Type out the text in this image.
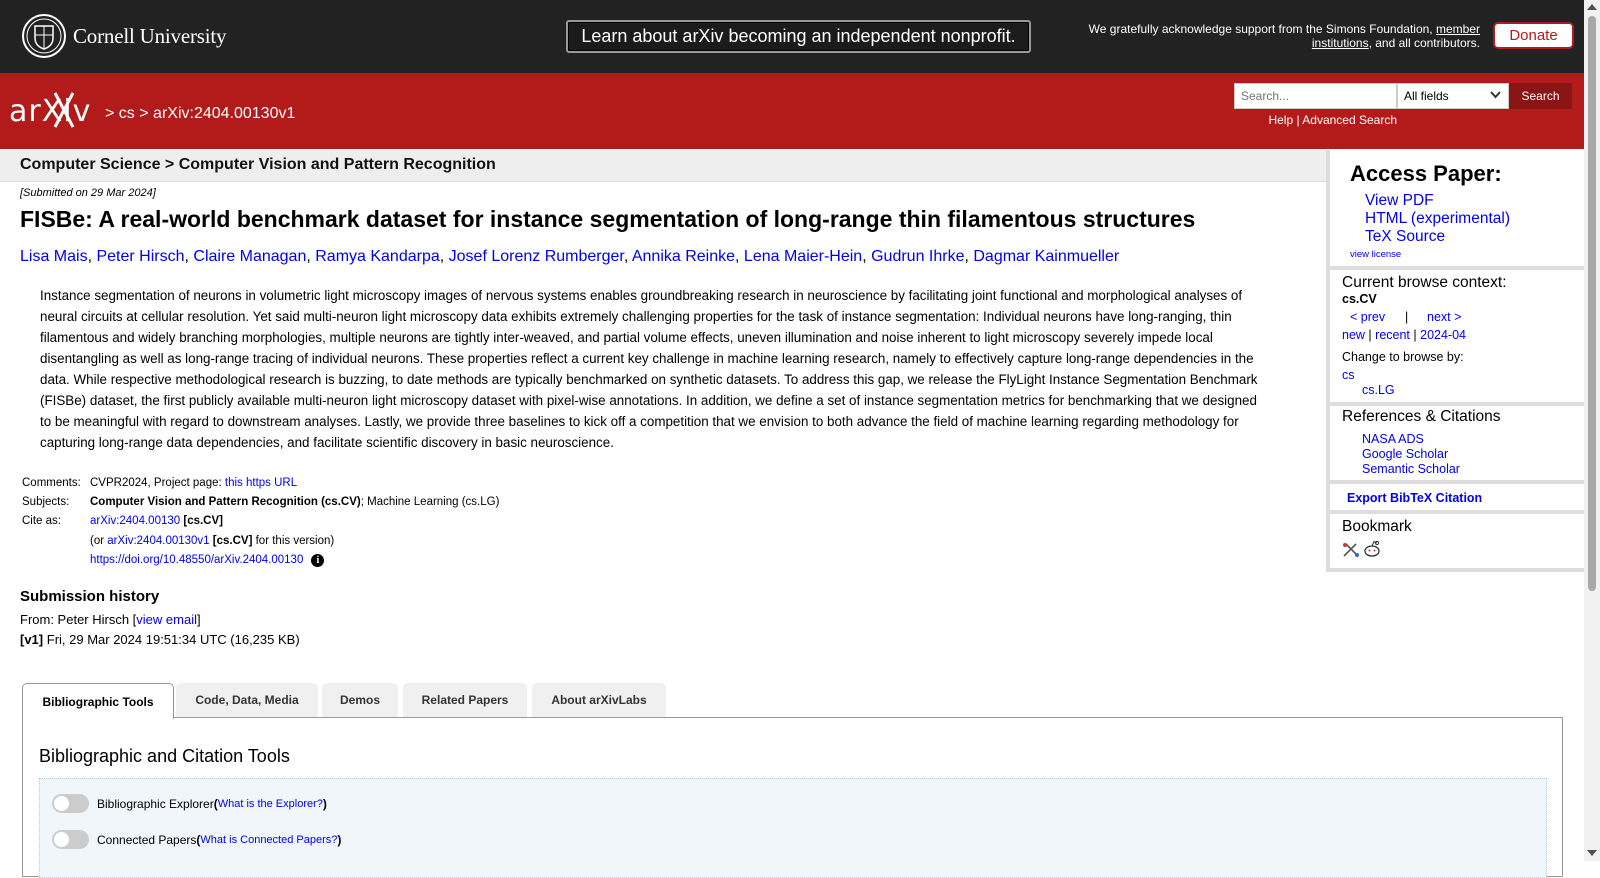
Cornell University	Learn about arXiv becoming an independent nonprofit.	We gratefully acknowledge support from the Simons Foundation, member institutions, and all contributors.	Donate
arXiv > cs > arXiv:2404.00130v1
Search...
All fields	Search
Help | Advanced Search
Computer Science > Computer Vision and Pattern Recognition
[Submitted on 29 Mar 2024]
FISBe: A real-world benchmark dataset for instance segmentation of long-range thin filamentous structures
Lisa Mais, Peter Hirsch, Claire Managan, Ramya Kandarpa, Josef Lorenz Rumberger, Annika Reinke, Lena Maier-Hein, Gudrun Ihrke, Dagmar Kainmueller
Instance segmentation of neurons in volumetric light microscopy images of nervous systems enables groundbreaking research in neuroscience by facilitating joint functional and morphological analyses of
neural circuits at cellular resolution. Yet said multi-neuron light microscopy data exhibits extremely challenging properties for the task of instance segmentation: Individual neurons have long-ranging, thin
filamentous and widely branching morphologies, multiple neurons are tightly inter-weaved, and partial volume effects, uneven illumination and noise inherent to light microscopy severely impede local
disentangling as well as long-range tracing of individual neurons. These properties reflect a current key challenge in machine learning research, namely to effectively capture long-range dependencies in the
data. While respective methodological research is buzzing, to date methods are typically benchmarked on synthetic datasets. To address this gap, we release the FlyLight Instance Segmentation Benchmark
(FISBe) dataset, the first publicly available multi-neuron light microscopy dataset with pixel-wise annotations. In addition, we define a set of instance segmentation metrics for benchmarking that we designed
to be meaningful with regard to downstream analyses. Lastly, we provide three baselines to kick off a competition that we envision to both advance the field of machine learning regarding methodology for
capturing long-range data dependencies, and facilitate scientific discovery in basic neuroscience.
Comments: CVPR2024, Project page: this https URL
Subjects: Computer Vision and Pattern Recognition (cs.CV); Machine Learning (cs.LG)
Cite as:	arXiv:2404.00130 [cs.CV]
(or arXiv:2404.00130v1 [cs.CV] for this version)
https://doi.org/10.48550/arXiv.2404.00130 i
Submission history
From: Peter Hirsch [view email]
[v1] Fri, 29 Mar 2024 19:51:34 UTC (16,235 KB)
Bibliographic Tools	Code, Data, Media	Demos	Related Papers	About arXivLabs
Bibliographic and Citation Tools
Bibliographic Explorer ( What is the Explorer? )
Connected Papers ( What is Connected Papers? )
Access Paper:
View PDF
HTML (experimental)
TeX Source
view license
Current browse context:
cs.CV
< prev | next >
new | recent | 2024-04
Change to browse by:
cs
cs.LG
References & Citations
NASA ADS
Google Scholar
Semantic Scholar
Export BibTeX Citation
Bookmark
